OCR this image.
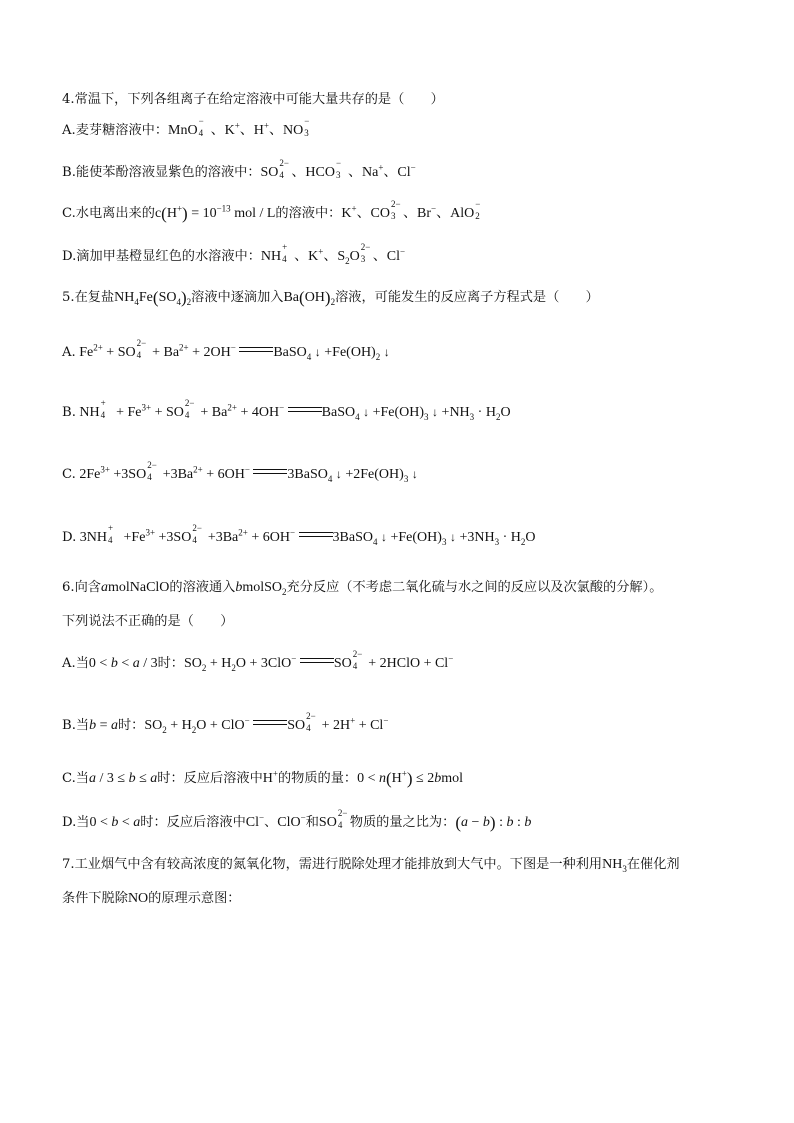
4.常温下，下列各组离子在给定溶液中可能大量共存的是（　　）
A.麦芽糖溶液中：MnO
−
4 、K+、H+、NO
−
3
B.能使苯酚溶液显紫色的溶液中：SO
2−
4 、HCO
−
3 、Na+、Cl−
C.水电离出来的$c(H^+) = 10^{-13}$ mol / L的溶液中：K+、CO
2−
3 、Br−、AlO
−
2
D.滴加甲基橙显红色的水溶液中：NH
+
4 、K+、$S_2O$
2−
3 、Cl−
5.在复盐$NH_4Fe(SO_4)_2$溶液中逐滴加入$Ba(OH)_2$溶液，可能发生的反应离子方程式是（　　）
A. $Fe^{2+}$ + SO
2−
$4 + Ba^{2+} + 2OH^-$	BaSO$_4$ ↓ $+Fe(OH)_2$ ↓
B. NH
+
$4 + Fe^{3+}$ + SO
2−
$4 + Ba^{2+} + 4OH^-$	BaSO$_4$ ↓ $+Fe(OH)_3$ ↓ $+NH_3 \cdot H_2O$
C. $2Fe^{3+} +3SO$
2−
$4 +3Ba^{2+} + 6OH^-$	3BaSO$_4$ ↓ $+2Fe(OH)_3$ ↓
D. 3NH
+
$4 +Fe^{3+} +3SO$
2−
$4 +3Ba^{2+} + 6OH^-$	3BaSO$_4$ ↓ $+Fe(OH)_3$ ↓ $+3NH_3 \cdot H_2O$
6.向含amolNaClO的溶液通入bmolSO$_2$充分反应（不考虑二氧化硫与水之间的反应以及次氯酸的分解）。
下列说法不正确的是（　　）
A.当0 < b < a / 3时：$SO_2 + H_2O + 3ClO^-$	SO
2−
4 + 2HClO + Cl−
B.当b = a时：$SO_2 + H_2O + ClO^-$	SO
2−
4 + 2H+ + Cl−
C.当a / 3 ≤ b ≤ a时：反应后溶液中H+的物质的量：0 < n(H+) ≤ 2bmol
D.当0 < b < a时：反应后溶液中Cl−、ClO−和SO
2−
4 物质的量之比为：(a − b) : b : b
7.工业烟气中含有较高浓度的氮氧化物，需进行脱除处理才能排放到大气中。下图是一种利用$NH_3$在催化剂
条件下脱除NO的原理示意图：
